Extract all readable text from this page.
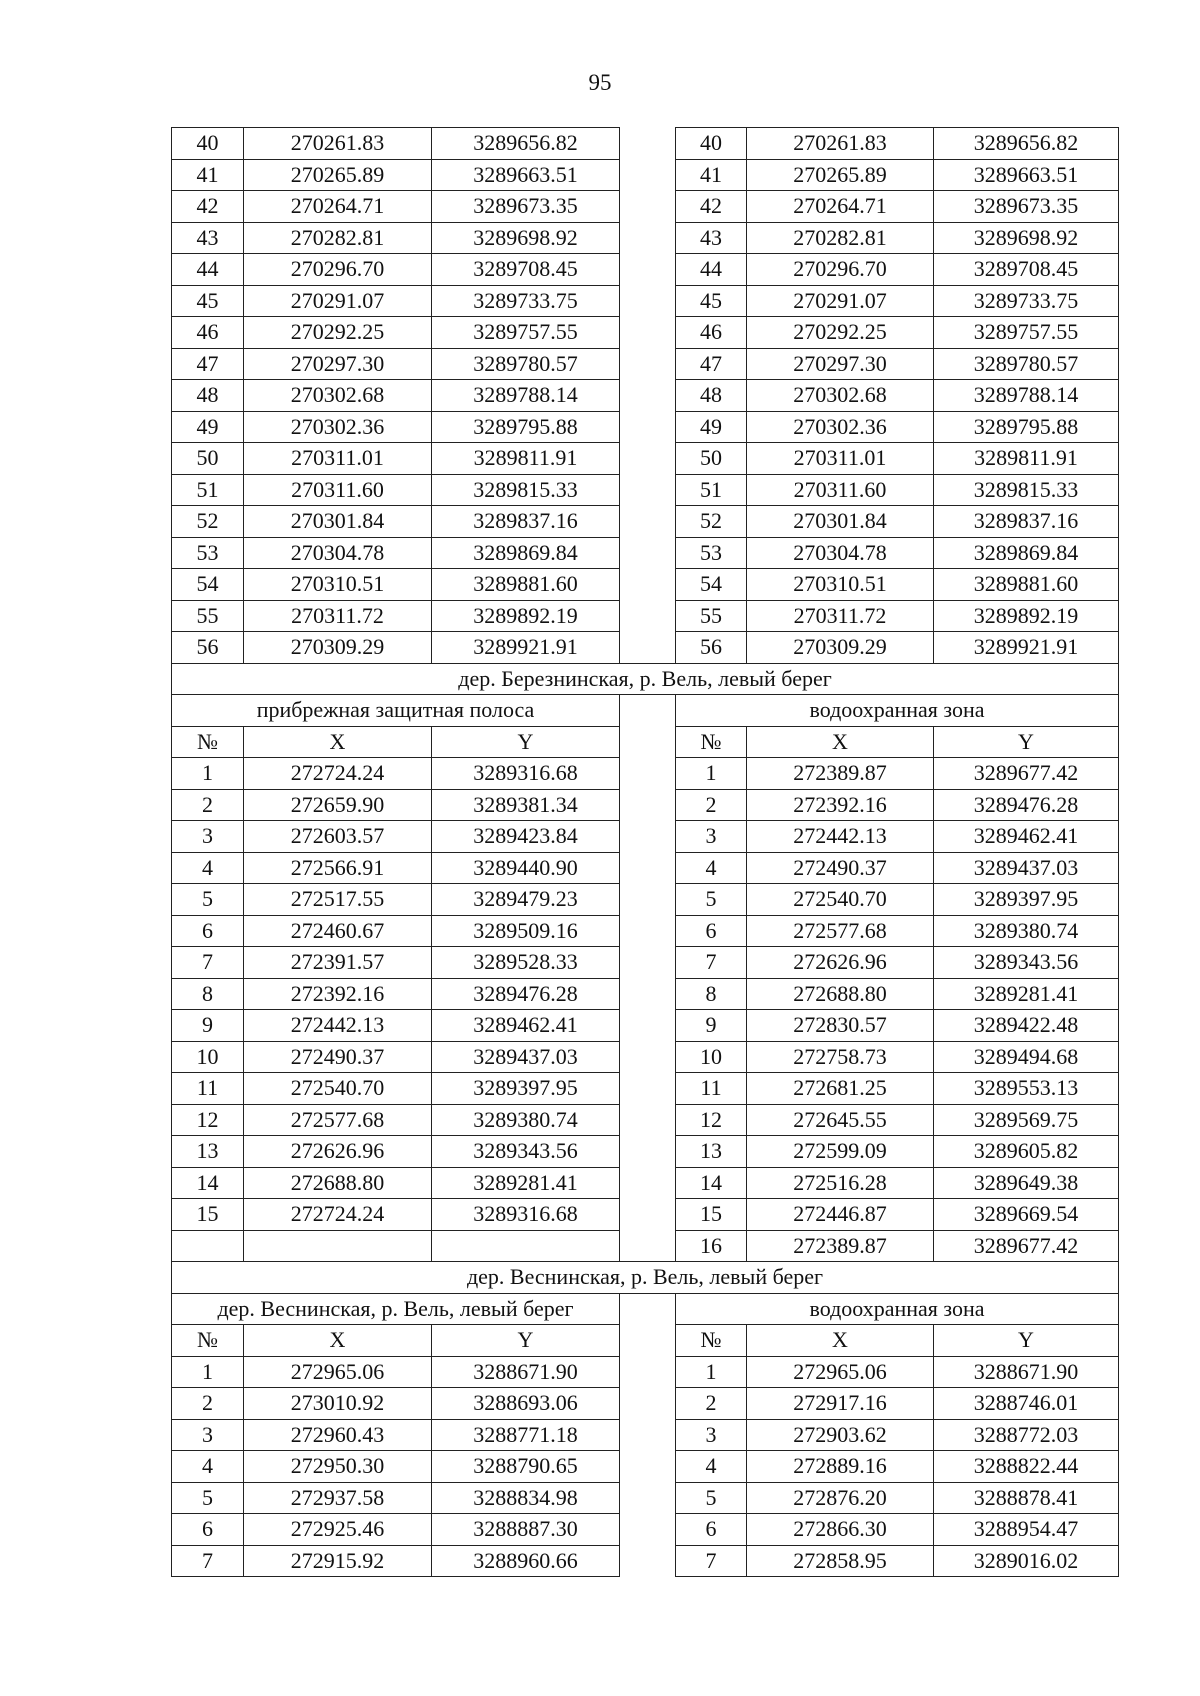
95
40	270261.83	3289656.82		40	270261.83	3289656.82
41	270265.89	3289663.51		41	270265.89	3289663.51
42	270264.71	3289673.35		42	270264.71	3289673.35
43	270282.81	3289698.92		43	270282.81	3289698.92
44	270296.70	3289708.45		44	270296.70	3289708.45
45	270291.07	3289733.75		45	270291.07	3289733.75
46	270292.25	3289757.55		46	270292.25	3289757.55
47	270297.30	3289780.57		47	270297.30	3289780.57
48	270302.68	3289788.14		48	270302.68	3289788.14
49	270302.36	3289795.88		49	270302.36	3289795.88
50	270311.01	3289811.91		50	270311.01	3289811.91
51	270311.60	3289815.33		51	270311.60	3289815.33
52	270301.84	3289837.16		52	270301.84	3289837.16
53	270304.78	3289869.84		53	270304.78	3289869.84
54	270310.51	3289881.60		54	270310.51	3289881.60
55	270311.72	3289892.19		55	270311.72	3289892.19
56	270309.29	3289921.91		56	270309.29	3289921.91
дер. Березнинская, р. Вель, левый берег						
прибрежная защитная полоса				водоохранная зона		
№	X	Y		№	X	Y
1	272724.24	3289316.68		1	272389.87	3289677.42
2	272659.90	3289381.34		2	272392.16	3289476.28
3	272603.57	3289423.84		3	272442.13	3289462.41
4	272566.91	3289440.90		4	272490.37	3289437.03
5	272517.55	3289479.23		5	272540.70	3289397.95
6	272460.67	3289509.16		6	272577.68	3289380.74
7	272391.57	3289528.33		7	272626.96	3289343.56
8	272392.16	3289476.28		8	272688.80	3289281.41
9	272442.13	3289462.41		9	272830.57	3289422.48
10	272490.37	3289437.03		10	272758.73	3289494.68
11	272540.70	3289397.95		11	272681.25	3289553.13
12	272577.68	3289380.74		12	272645.55	3289569.75
13	272626.96	3289343.56		13	272599.09	3289605.82
14	272688.80	3289281.41		14	272516.28	3289649.38
15	272724.24	3289316.68		15	272446.87	3289669.54
				16	272389.87	3289677.42
дер. Веснинская, р. Вель, левый берег						
дер. Веснинская, р. Вель, левый берег				водоохранная зона		
№	X	Y		№	X	Y
1	272965.06	3288671.90		1	272965.06	3288671.90
2	273010.92	3288693.06		2	272917.16	3288746.01
3	272960.43	3288771.18		3	272903.62	3288772.03
4	272950.30	3288790.65		4	272889.16	3288822.44
5	272937.58	3288834.98		5	272876.20	3288878.41
6	272925.46	3288887.30		6	272866.30	3288954.47
7	272915.92	3288960.66		7	272858.95	3289016.02
